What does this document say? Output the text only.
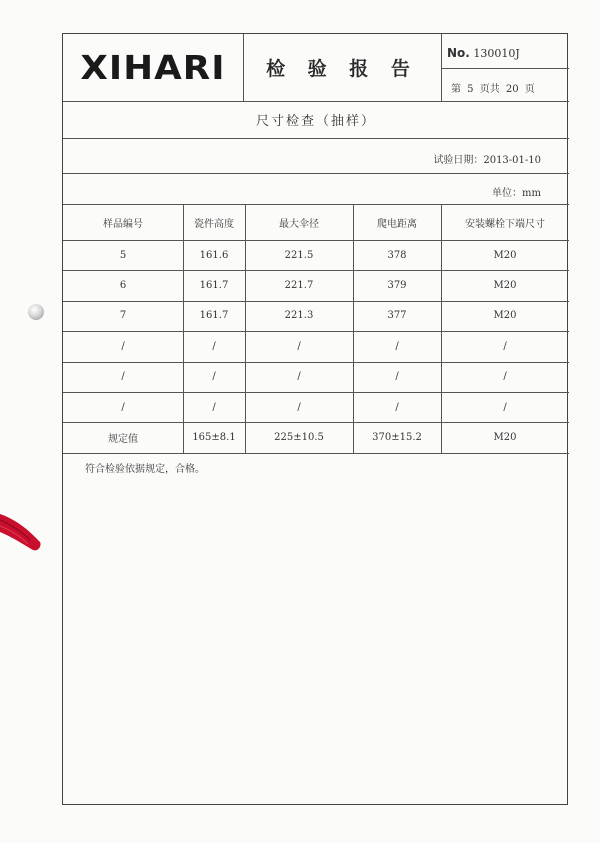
XIHARI	检 验 报 告
No. 130010J
第 5 页共 20 页
尺寸检查（抽样）
试验日期：2013-01-10
单位：mm
样品编号	瓷件高度	最大伞径	爬电距离	安装螺栓下端尺寸
5	161.6	221.5	378	M20
6	161.7	221.7	379	M20
7	161.7	221.3	377	M20
/	/	/	/	/
/	/	/	/	/
/	/	/	/	/
规定值	165±8.1	225±10.5	370±15.2	M20
符合检验依据规定，合格。
